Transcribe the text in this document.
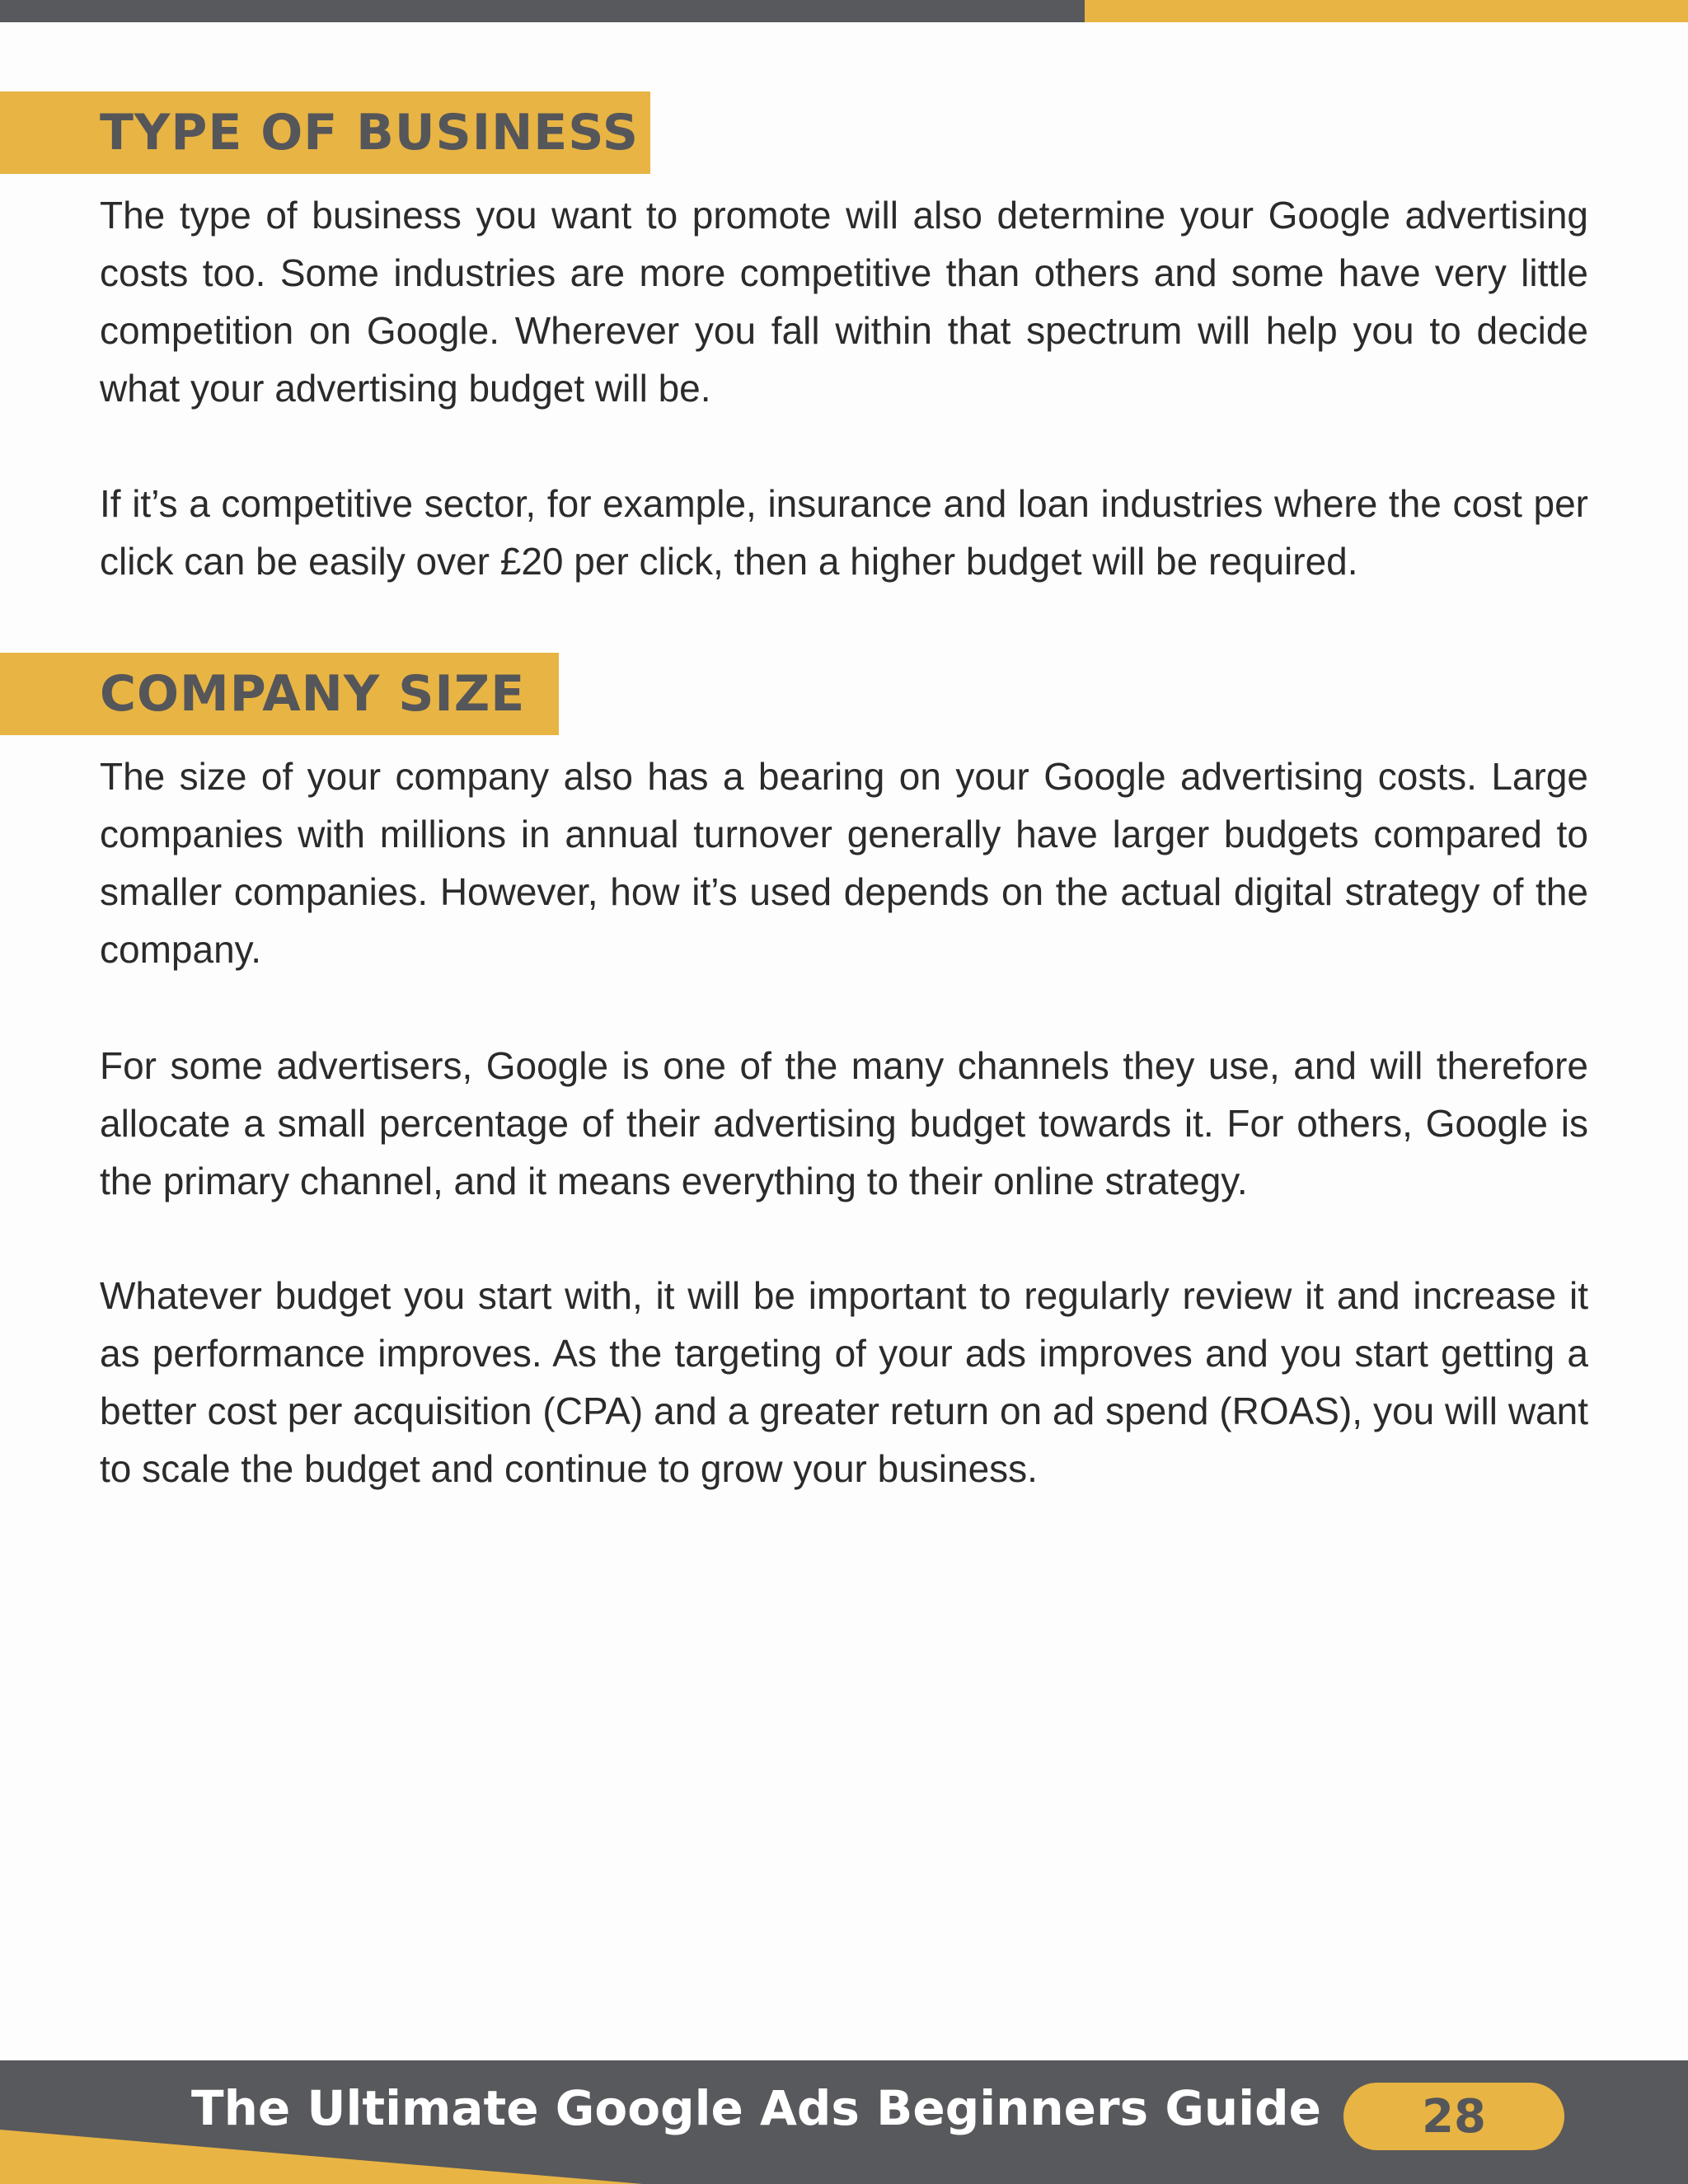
TYPE OF BUSINESS

The type of business you want to promote will also determine your Google advertising costs too. Some industries are more competitive than others and some have very little competition on Google. Wherever you fall within that spectrum will help you to decide what your advertising budget will be.

If it’s a competitive sector, for example, insurance and loan industries where the cost per click can be easily over £20 per click, then a higher budget will be required.

COMPANY SIZE

The size of your company also has a bearing on your Google advertising costs. Large companies with millions in annual turnover generally have larger budgets compared to smaller companies. However, how it’s used depends on the actual digital strategy of the company.

For some advertisers, Google is one of the many channels they use, and will therefore allocate a small percentage of their advertising budget towards it. For others, Google is the primary channel, and it means everything to their online strategy.

Whatever budget you start with, it will be important to regularly review it and increase it as performance improves. As the targeting of your ads improves and you start getting a better cost per acquisition (CPA) and a greater return on ad spend (ROAS), you will want to scale the budget and continue to grow your business.

The Ultimate Google Ads Beginners Guide 28
